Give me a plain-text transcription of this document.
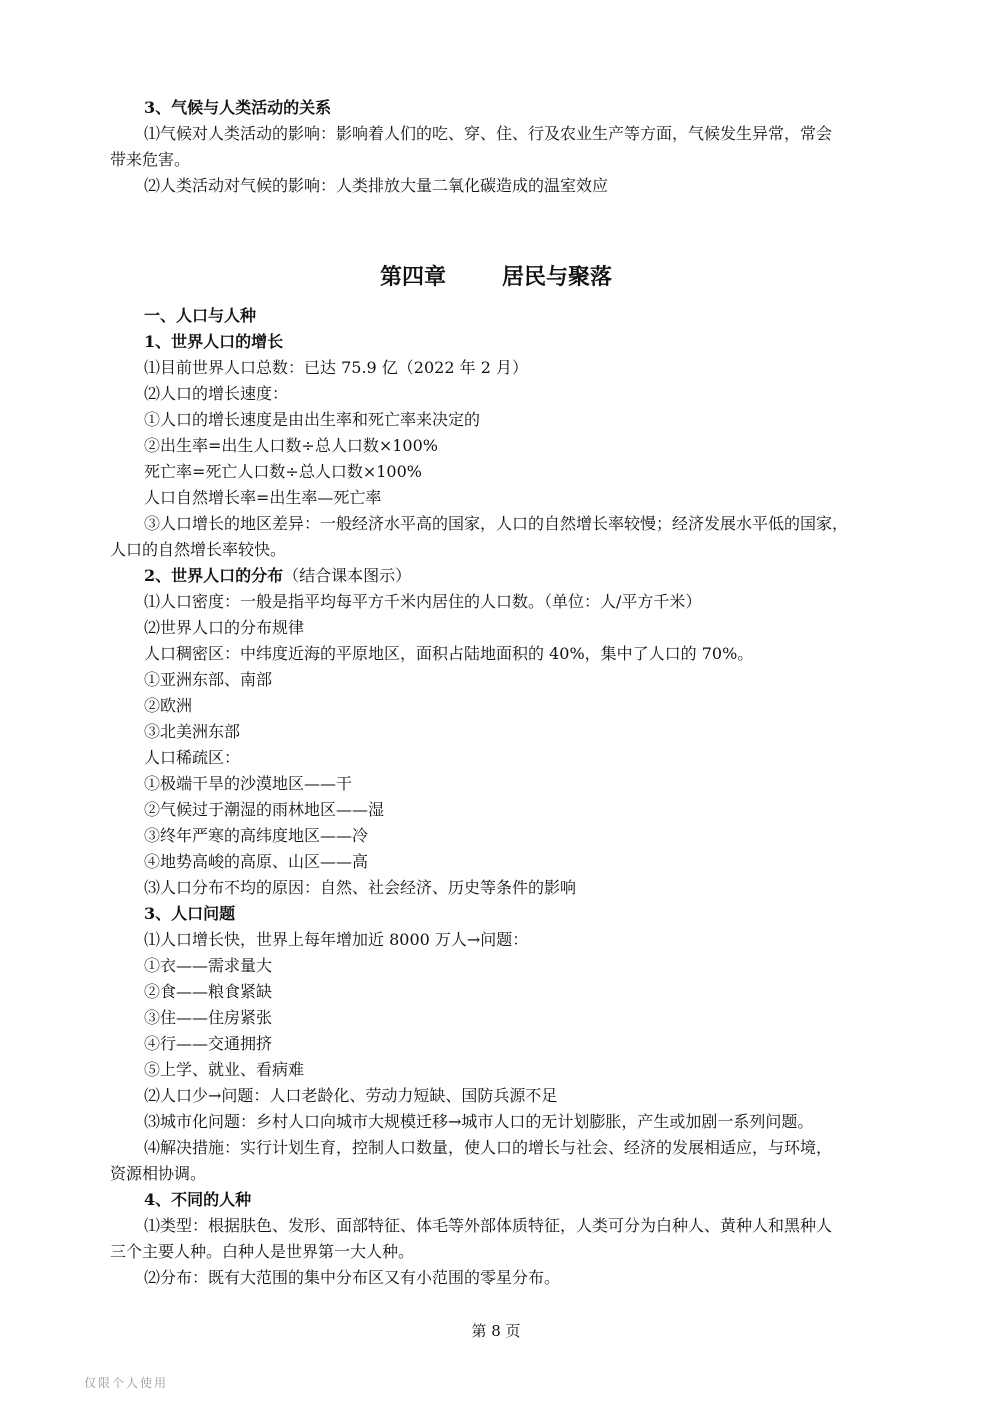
3、气候与人类活动的关系
⑴气候对人类活动的影响：影响着人们的吃、穿、住、行及农业生产等方面，气候发生异常，常会
带来危害。
⑵人类活动对气候的影响：人类排放大量二氧化碳造成的温室效应
第四章	居民与聚落
一、人口与人种
1、世界人口的增长
⑴目前世界人口总数：已达 75.9 亿（2022 年 2 月）
⑵人口的增长速度：
①人口的增长速度是由出生率和死亡率来决定的
②出生率=出生人口数÷总人口数×100%
死亡率=死亡人口数÷总人口数×100%
人口自然增长率=出生率—死亡率
③人口增长的地区差异：一般经济水平高的国家，人口的自然增长率较慢；经济发展水平低的国家，
人口的自然增长率较快。
2、世界人口的分布（结合课本图示）
⑴人口密度：一般是指平均每平方千米内居住的人口数。（单位：人/平方千米）
⑵世界人口的分布规律
人口稠密区：中纬度近海的平原地区，面积占陆地面积的 40%，集中了人口的 70%。
①亚洲东部、南部
②欧洲
③北美洲东部
人口稀疏区：
①极端干旱的沙漠地区——干
②气候过于潮湿的雨林地区——湿
③终年严寒的高纬度地区——冷
④地势高峻的高原、山区——高
⑶人口分布不均的原因：自然、社会经济、历史等条件的影响
3、人口问题
⑴人口增长快，世界上每年增加近 8000 万人→问题：
①衣——需求量大
②食——粮食紧缺
③住——住房紧张
④行——交通拥挤
⑤上学、就业、看病难
⑵人口少→问题：人口老龄化、劳动力短缺、国防兵源不足
⑶城市化问题：乡村人口向城市大规模迁移→城市人口的无计划膨胀，产生或加剧一系列问题。
⑷解决措施：实行计划生育，控制人口数量，使人口的增长与社会、经济的发展相适应，与环境，
资源相协调。
4、不同的人种
⑴类型：根据肤色、发形、面部特征、体毛等外部体质特征，人类可分为白种人、黄种人和黑种人
三个主要人种。白种人是世界第一大人种。
⑵分布：既有大范围的集中分布区又有小范围的零星分布。
第 8 页
仅限个人使用
